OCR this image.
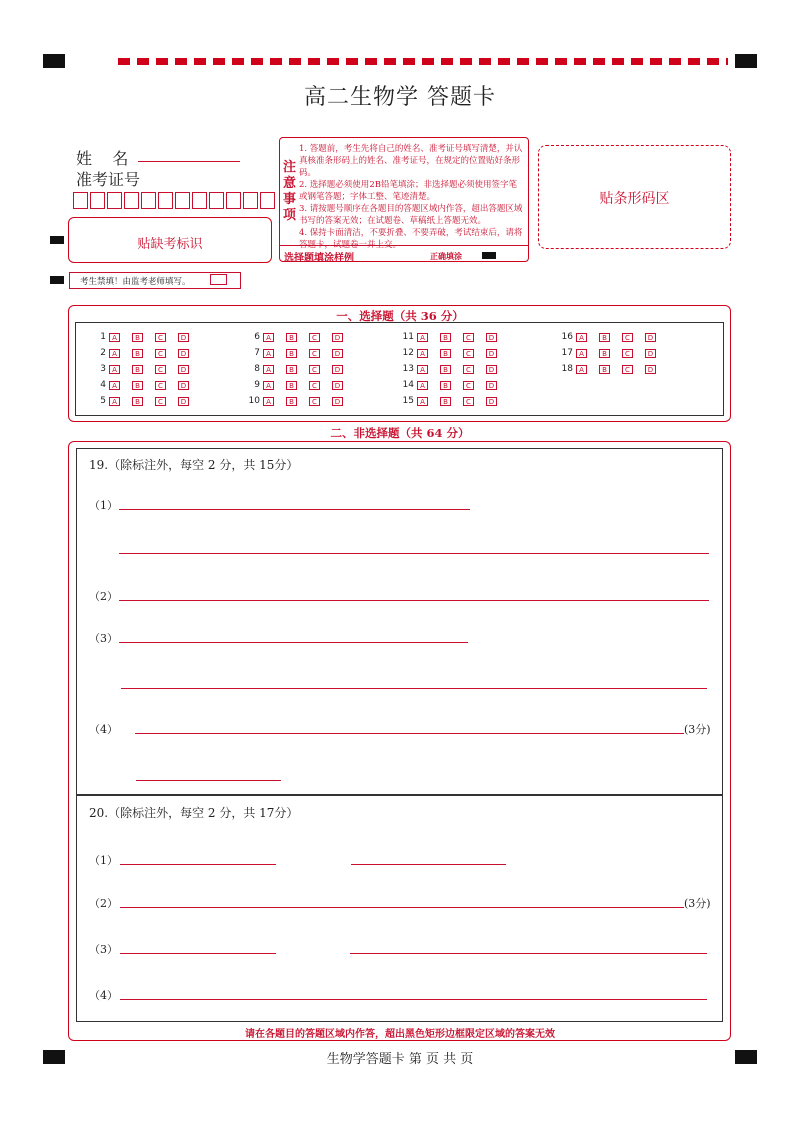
高二生物学 答题卡
姓    名
准考证号
贴缺考标识
考生禁填！由监考老师填写。
注意事项
1. 答题前，考生先将自己的姓名、准考证号填写清楚，并认真核准条形码上的姓名、准考证号，在规定的位置贴好条形码。
2. 选择题必须使用2B铅笔填涂；非选择题必须使用签字笔或钢笔答题；字体工整、笔迹清楚。
3. 请按题号顺序在各题目的答题区域内作答，超出答题区域书写的答案无效；在试题卷、草稿纸上答题无效。
4. 保持卡面清洁，不要折叠、不要弄破，考试结束后，请将答题卡，试题卷一并上交。
选择题填涂样例	正确填涂
贴条形码区
一、选择题（共 36 分）
1 A	B	C	D
2 A	B	C	D
3 A	B	C	D
4 A	B	C	D
5 A	B	C	D
6 A	B	C	D
7 A	B	C	D
8 A	B	C	D
9 A	B	C	D
10 A	B	C	D
11 A	B	C	D
12 A	B	C	D
13 A	B	C	D
14 A	B	C	D
15 A	B	C	D
16 A	B	C	D
17 A	B	C	D
18 A	B	C	D
二、非选择题（共 64 分）
19.（除标注外，每空 2 分，共 15分）
（1）
（2）
（3）
（4）	(3分)
20.（除标注外，每空 2 分，共 17分）
（1）
（2）	(3分)
（3）
（4）
请在各题目的答题区域内作答，超出黑色矩形边框限定区域的答案无效
生物学答题卡 第 页 共 页
